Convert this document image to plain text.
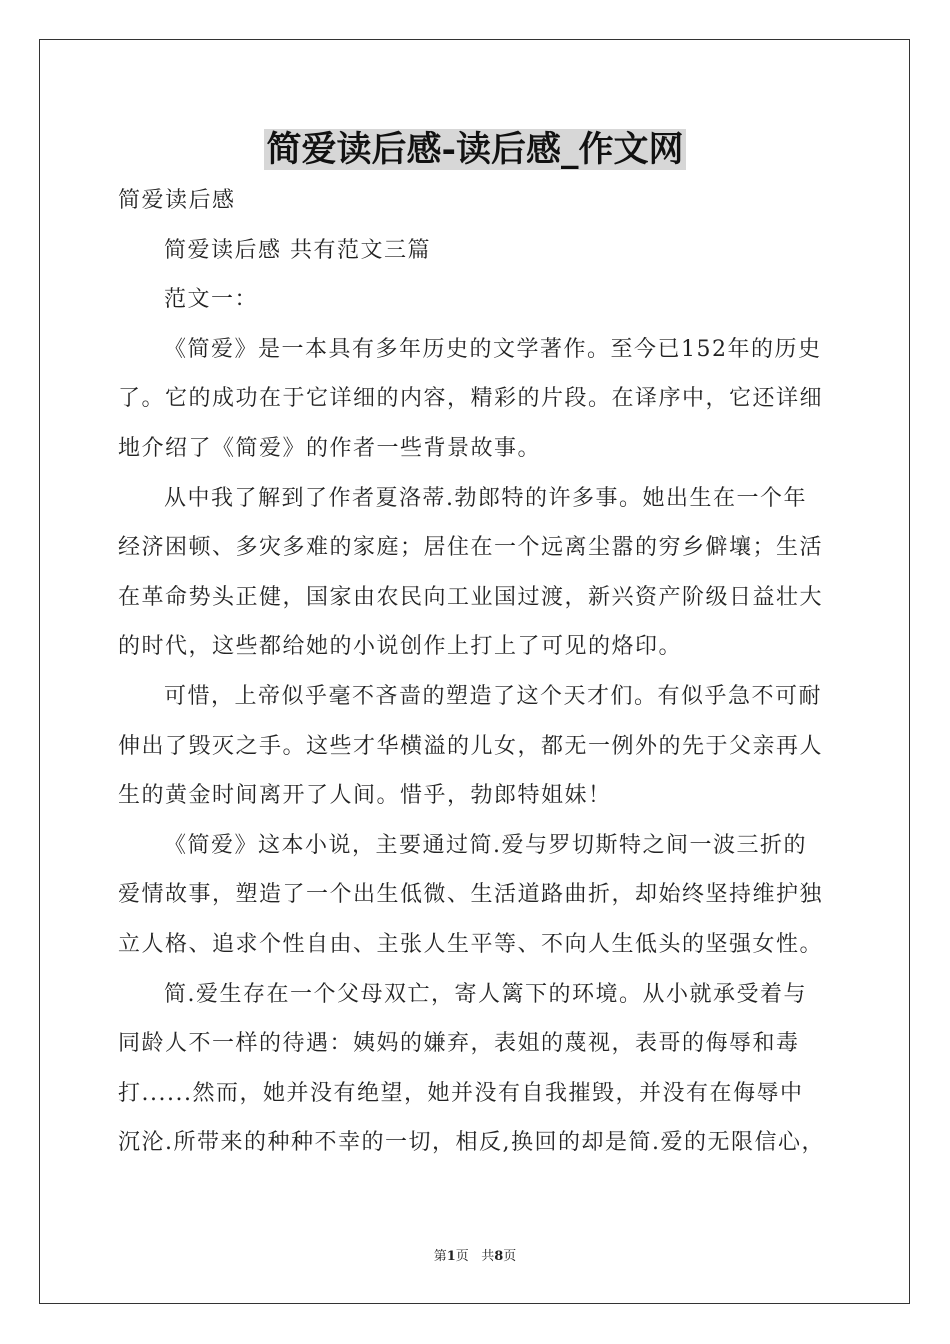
简爱读后感-读后感_作文网
简爱读后感
简爱读后感 共有范文三篇
范文一：
《简爱》是一本具有多年历史的文学著作。至今已152年的历史
了。它的成功在于它详细的内容，精彩的片段。在译序中，它还详细
地介绍了《简爱》的作者一些背景故事。
从中我了解到了作者夏洛蒂.勃郎特的许多事。她出生在一个年
经济困顿、多灾多难的家庭；居住在一个远离尘嚣的穷乡僻壤；生活
在革命势头正健，国家由农民向工业国过渡，新兴资产阶级日益壮大
的时代，这些都给她的小说创作上打上了可见的烙印。
可惜，上帝似乎毫不吝啬的塑造了这个天才们。有似乎急不可耐
伸出了毁灭之手。这些才华横溢的儿女，都无一例外的先于父亲再人
生的黄金时间离开了人间。惜乎，勃郎特姐妹！
《简爱》这本小说，主要通过简.爱与罗切斯特之间一波三折的
爱情故事，塑造了一个出生低微、生活道路曲折，却始终坚持维护独
立人格、追求个性自由、主张人生平等、不向人生低头的坚强女性。
简.爱生存在一个父母双亡，寄人篱下的环境。从小就承受着与
同龄人不一样的待遇：姨妈的嫌弃，表姐的蔑视，表哥的侮辱和毒
打......然而，她并没有绝望，她并没有自我摧毁，并没有在侮辱中
沉沦.所带来的种种不幸的一切，相反,换回的却是简.爱的无限信心，
第1页 共8页
